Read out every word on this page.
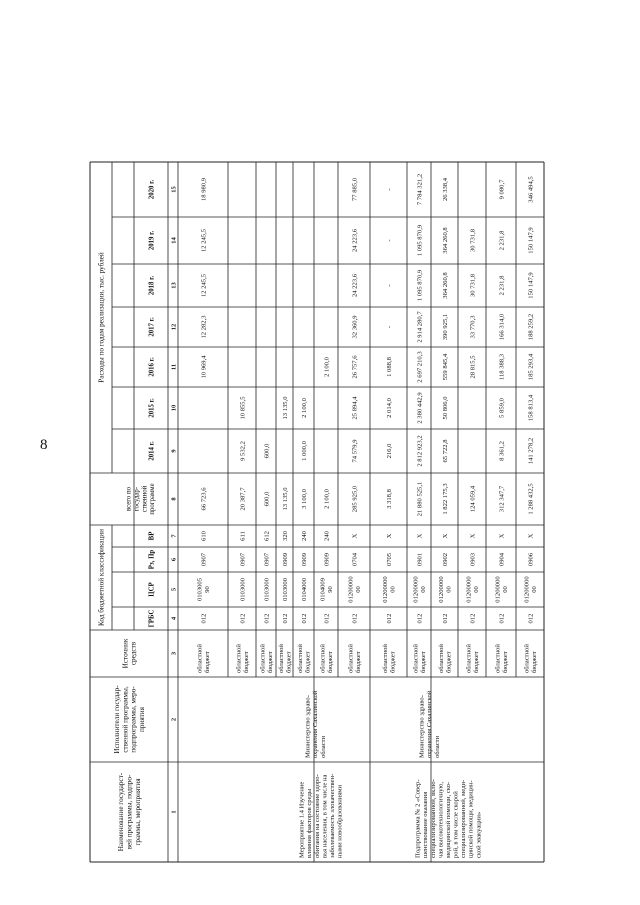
8
Наименование государст-вей программы, подпро-граммы, мероприятия
Исполнители государ-ственной программы,подпрограммы, меро-приятия
Источниксредств
Код бюджетной классификации
Расходы по годам реализации, тыс. рублей
ГРБС
ЦСР
Рз, Пр
ВР
всего погосудар-ственнойпрограмме
2014 г.
2015 г.
2016 г.
2017 г.
2018 г.
2019 г.
2020 г.
1
2
3
4
5
6
7
8
9
10
11
12
13
14
15
Мероприятие 1.4 Изучениевлияния факторов средыобитания на состояние здоро-вья населения, в том числе назаболеваемость злокачествен-ными новообразованиями
Министерство здраво-охранения Сахалинскойобласти
Подпрограмма № 2 «Совер-шенствование оказанияспециализированной, вклю-чая высокотехнологичную,медицинской помощи, ско-рой, в том числе скоройспециализированной, меди-цинской помощи, медицин-ской эвакуации»
Министерство здраво-охранения Сахалинскойобласти
областнойбюджет
012
010300590
0907
610
66 723,6
10 969,4
12 282,3
12 245,5
12 245,5
18 980,9
областнойбюджет
012
0103000
0907
611
20 387,7
9 532,2
10 855,5
областнойбюджет
012
0103000
0907
612
600,0
600,0
областнойбюджет
012
0103000
0909
320
13 135,0
13 135,0
областнойбюджет
012
0104000
0909
240
3 100,0
1 000,0
2 100,0
областнойбюджет
012
010400990
0909
240
2 100,0
2 100,0
областнойбюджет
012
0120000000
0704
X
285 925,0
74 579,9
25 894,4
26 757,6
32 360,9
24 223,6
24 223,6
77 885,0
областнойбюджет
012
0120000000
0705
X
3 318,8
216,0
2 014,0
1 088,8
-
-
-
-
областнойбюджет
012
0120000000
0901
X
21 880 525,1
2 812 923,2
2 380 442,9
2 697 210,3
2 914 280,7
1 095 870,9
1 095 870,9
7 784 321,2
областнойбюджет
012
0120000000
0902
X
1 822 175,3
65 722,8
50 806,0
559 845,4
390 925,1
364 260,8
364 260,8
26 338,4
областнойбюджет
012
0120000000
0903
X
124 059,4
28 815,5
33 770,3
30 731,8
30 731,8
областнойбюджет
012
0120000000
0904
X
312 347,7
8 361,2
5 859,0
118 388,3
166 314,0
2 231,8
2 231,8
9 080,7
областнойбюджет
012
0120000000
0906
X
1 288 432,5
141 278,2
158 813,4
185 293,4
188 259,2
150 147,9
150 147,9
346 494,5
